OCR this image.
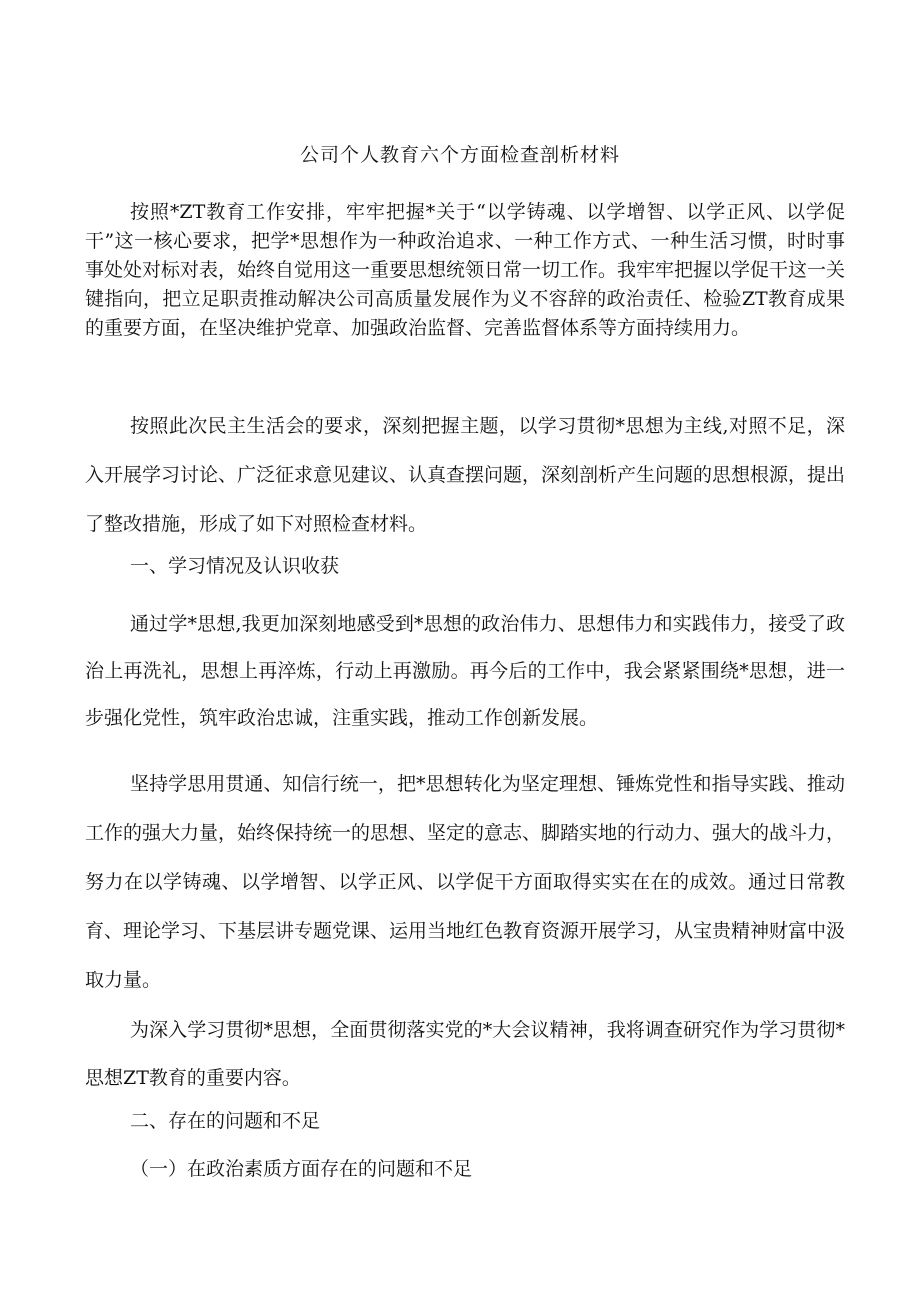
公司个人教育六个方面检查剖析材料
按照*ZT教育工作安排，牢牢把握*关于“以学铸魂、以学增智、以学正风、以学促干”这一核心要求，把学*思想作为一种政治追求、一种工作方式、一种生活习惯，时时事事处处对标对表，始终自觉用这一重要思想统领日常一切工作。我牢牢把握以学促干这一关键指向，把立足职责推动解决公司高质量发展作为义不容辞的政治责任、检验ZT教育成果的重要方面，在坚决维护党章、加强政治监督、完善监督体系等方面持续用力。
按照此次民主生活会的要求，深刻把握主题，以学习贯彻*思想为主线,对照不足，深入开展学习讨论、广泛征求意见建议、认真查摆问题，深刻剖析产生问题的思想根源，提出了整改措施，形成了如下对照检查材料。
一、学习情况及认识收获
通过学*思想,我更加深刻地感受到*思想的政治伟力、思想伟力和实践伟力，接受了政治上再洗礼，思想上再淬炼，行动上再激励。再今后的工作中，我会紧紧围绕*思想，进一步强化党性，筑牢政治忠诚，注重实践，推动工作创新发展。
坚持学思用贯通、知信行统一，把*思想转化为坚定理想、锤炼党性和指导实践、推动工作的强大力量，始终保持统一的思想、坚定的意志、脚踏实地的行动力、强大的战斗力，努力在以学铸魂、以学增智、以学正风、以学促干方面取得实实在在的成效。通过日常教育、理论学习、下基层讲专题党课、运用当地红色教育资源开展学习，从宝贵精神财富中汲取力量。
为深入学习贯彻*思想，全面贯彻落实党的*大会议精神，我将调查研究作为学习贯彻*思想ZT教育的重要内容。
二、存在的问题和不足
（一）在政治素质方面存在的问题和不足
